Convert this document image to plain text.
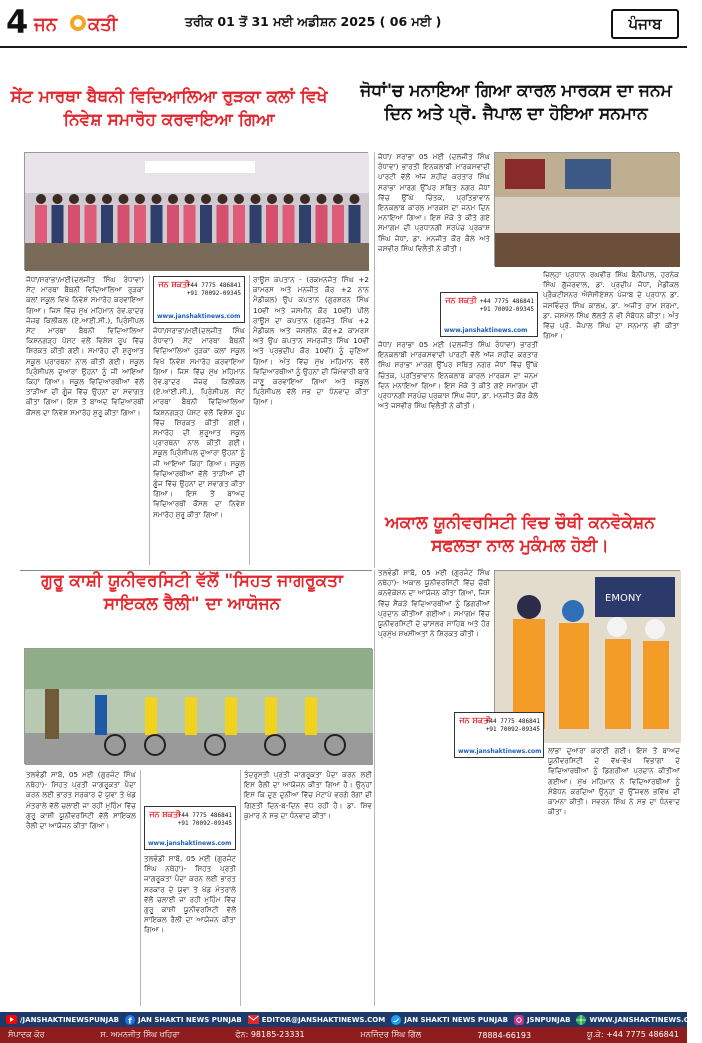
4 ਜਨ ਕਤੀ	ਤਰੀਕ 01 ਤੋਂ 31 ਮਈ ਅਡੀਸ਼ਨ 2025 ( 06 ਮਈ )	ਪੰਜਾਬ
ਸੇਂਟ ਮਾਰਥਾ ਬੈਥਨੀ ਵਿਦਿਆਲਿਆ ਰੁੜਕਾ ਕਲਾਂ ਵਿਖੇ ਨਿਵੇਸ਼ ਸਮਾਰੋਹ ਕਰਵਾਇਆ ਗਿਆ
ਜੋਧਾਂ/ਸਰਾਭਾ/ਮਈ(ਦਲਜੀਤ ਸਿੰਘ ਰੰਧਾਵਾ) ਸੇਂਟ ਮਾਰਥਾ ਬੈਥਨੀ ਵਿਦਿਆਲਿਆ ਰੁੜਕਾ ਕਲਾਂ ਸਕੂਲ ਵਿਖੇ ਨਿਵੇਸ਼ ਸਮਾਰੋਹ ਕਰਵਾਇਆ ਗਿਆ। ਜਿਸ ਵਿੱਚ ਮੁੱਖ ਮਹਿਮਾਨ ਰੇਵ.ਫਾਦਰ ਜੋਜ਼ਫ ਕਿਲੀਕਲ (ਏ.ਆਈ.ਸੀ.), ਪ੍ਰਿੰਸੀਪਲ ਸੇਂਟ ਮਾਰਥਾ ਬੈਥਨੀ ਵਿਦਿਆਲਿਆ ਕਿਸ਼ਨਗੜ੍ਹ ਪੋਸਟ ਵਲੋਂ ਵਿਸ਼ੇਸ਼ ਰੂਪ ਵਿੱਚ ਸ਼ਿਰਕਤ ਕੀਤੀ ਗਈ। ਸਮਾਰੋਹ ਦੀ ਸ਼ੁਰੂਆਤ ਸਕੂਲ ਪ੍ਰਾਰਥਨਾ ਨਾਲ ਕੀਤੀ ਗਈ। ਸਕੂਲ ਪ੍ਰਿੰਸੀਪਲ ਦੁਆਰਾ ਉਹਨਾਂ ਨੂੰ ਜੀ ਆਇਆਂ ਕਿਹਾ ਗਿਆ। ਸਕੂਲ ਵਿਦਿਆਰਥੀਆਂ ਵੱਲੋਂ ਤਾੜੀਆਂ ਦੀ ਗੂੰਜ ਵਿੱਚ ਉਹਨਾਂ ਦਾ ਸਵਾਗਤ ਕੀਤਾ ਗਿਆ। ਇਸ ਤੋਂ ਬਾਅਦ ਵਿਦਿਆਰਥੀ ਕੌਂਸਲ ਦਾ ਨਿਵੇਸ਼ ਸਮਾਰੋਹ ਸ਼ੁਰੂ ਕੀਤਾ ਗਿਆ।
ਜਨ ਸ਼ਕਤੀ
+44 7775 486841
+91 70092-09345
www.janshaktinews.com
ਜੋਧਾਂ/ਸਰਾਭਾ/ਮਈ(ਦਲਜੀਤ ਸਿੰਘ ਰੰਧਾਵਾ) ਸੇਂਟ ਮਾਰਥਾ ਬੈਥਨੀ ਵਿਦਿਆਲਿਆ ਰੁੜਕਾ ਕਲਾਂ ਸਕੂਲ ਵਿਖੇ ਨਿਵੇਸ਼ ਸਮਾਰੋਹ ਕਰਵਾਇਆ ਗਿਆ। ਜਿਸ ਵਿੱਚ ਮੁੱਖ ਮਹਿਮਾਨ ਰੇਵ.ਫਾਦਰ ਜੋਜ਼ਫ ਕਿਲੀਕਲ (ਏ.ਆਈ.ਸੀ.), ਪ੍ਰਿੰਸੀਪਲ ਸੇਂਟ ਮਾਰਥਾ ਬੈਥਨੀ ਵਿਦਿਆਲਿਆ ਕਿਸ਼ਨਗੜ੍ਹ ਪੋਸਟ ਵਲੋਂ ਵਿਸ਼ੇਸ਼ ਰੂਪ ਵਿੱਚ ਸ਼ਿਰਕਤ ਕੀਤੀ ਗਈ। ਸਮਾਰੋਹ ਦੀ ਸ਼ੁਰੂਆਤ ਸਕੂਲ ਪ੍ਰਾਰਥਨਾ ਨਾਲ ਕੀਤੀ ਗਈ। ਸਕੂਲ ਪ੍ਰਿੰਸੀਪਲ ਦੁਆਰਾ ਉਹਨਾਂ ਨੂੰ ਜੀ ਆਇਆਂ ਕਿਹਾ ਗਿਆ। ਸਕੂਲ ਵਿਦਿਆਰਥੀਆਂ ਵੱਲੋਂ ਤਾੜੀਆਂ ਦੀ ਗੂੰਜ ਵਿੱਚ ਉਹਨਾਂ ਦਾ ਸਵਾਗਤ ਕੀਤਾ ਗਿਆ। ਇਸ ਤੋਂ ਬਾਅਦ ਵਿਦਿਆਰਥੀ ਕੌਂਸਲ ਦਾ ਨਿਵੇਸ਼ ਸਮਾਰੋਹ ਸ਼ੁਰੂ ਕੀਤਾ ਗਿਆ।
ਰਾਊਸ ਕਪਤਾਨ - (ਰਕਮਨਜੋਤ ਸਿੰਘ +2 ਕਾਮਰਸ ਅਤੇ ਮਨਜੀਤ ਕੌਰ +2 ਨਾਨ ਮੈਡੀਕਲ) ਉਪ ਕਪਤਾਨ (ਗੁਰਸ਼ਰਨ ਸਿੰਘ 10ਵੀਂ ਅਤੇ ਜਸਮੀਨ ਕੌਰ 10ਵੀਂ) ਪੀਲੇ ਰਾਊਸ ਦਾ ਕਪਤਾਨ (ਗੁਰਜੋਤ ਸਿੰਘ +2 ਮੈਡੀਕਲ ਅਤੇ ਜਸਲੀਨ ਕੌਰ+2 ਕਾਮਰਸ ਅਤੇ ਉਪ ਕਪਤਾਨ ਸਮਰਜੀਤ ਸਿੰਘ 10ਵੀਂ ਅਤੇ ਪ੍ਰਭਦੀਪ ਕੌਰ 10ਵੀਂ) ਨੂੰ ਚੁਣਿਆ ਗਿਆ। ਅੰਤ ਵਿੱਚ ਮੁੱਖ ਮਹਿਮਾਨ ਵੱਲੋਂ ਵਿਦਿਆਰਥੀਆਂ ਨੂੰ ਉਹਨਾਂ ਦੀ ਜ਼ਿੰਮੇਵਾਰੀ ਬਾਰੇ ਜਾਣੂ ਕਰਵਾਇਆ ਗਿਆ ਅਤੇ ਸਕੂਲ ਪ੍ਰਿੰਸੀਪਲ ਵੱਲੋਂ ਸਭ ਦਾ ਧੰਨਵਾਦ ਕੀਤਾ ਗਿਆ।
ਜੋਧਾਂ'ਚ ਮਨਾਇਆ ਗਿਆ ਕਾਰਲ ਮਾਰਕਸ ਦਾ ਜਨਮ ਦਿਨ ਅਤੇ ਪ੍ਰੋ. ਜੈਪਾਲ ਦਾ ਹੋਇਆ ਸਨਮਾਨ
ਜੋਧਾਂ/ ਸਰਾਭਾ 05 ਮਈ (ਦਲਜੀਤ ਸਿੰਘ ਰੰਧਾਵਾ) ਭਾਰਤੀ ਇਨਕਲਾਬੀ ਮਾਰਕਸਵਾਦੀ ਪਾਰਟੀ ਵੱਲੋਂ ਅੱਜ ਸ਼ਹੀਦ ਕਰਤਾਰ ਸਿੰਘ ਸਰਾਭਾ ਮਾਰਗ ਉੱਪਰ ਸਥਿਤ ਨਗਰ ਜੋਧਾਂ ਵਿੱਚ ਉੱਘੇ ਚਿੰਤਕ, ਪ੍ਰਤਿਭਾਵਾਨ ਇਨਕਲਾਬ ਕਾਰਲ ਮਾਰਕਸ ਦਾ ਜਨਮ ਦਿਨ ਮਨਾਇਆ ਗਿਆ। ਇਸ ਮੌਕੇ ਤੇ ਕੀਤੇ ਗਏ ਸਮਾਗਮ ਦੀ ਪ੍ਰਧਾਨਗੀ ਸਰਪੰਚ ਪ੍ਰਕਾਸ਼ ਸਿੰਘ ਜੋਧਾਂ, ਡਾ. ਮਨਜੀਤ ਕੌਰ ਕੈਲੇ ਅਤੇ ਜਸਵੀਰ ਸਿੰਘ ਵਿਲੈਤੀ ਨੇ ਕੀਤੀ।
ਜਨ ਸ਼ਕਤੀ +44 7775 486841
+91 70092-09345
www.janshaktinews.com
ਜ਼ਿਲ੍ਹਾ ਪ੍ਰਧਾਨ ਰਘਵੀਰ ਸਿੰਘ ਬੈਨੀਪਾਲ, ਹਰਨੇਕ ਸਿੰਘ ਗੁੱਜਰਵਾਲ, ਡਾ. ਪ੍ਰਦੀਪ ਜੋਧਾਂ, ਮੈਡੀਕਲ ਪ੍ਰੈਕਟੀਸ਼ਨਰ ਐਸੋਸੀਏਸ਼ਨ ਪੰਜਾਬ ਦੇ ਪ੍ਰਧਾਨ ਡਾ. ਜਸਵਿੰਦਰ ਸਿੰਘ ਕਾਲਖ, ਡਾ. ਅਜੀਤ ਰਾਮ ਸ਼ਰਮਾ, ਡਾ. ਜਸਮੇਲ ਸਿੰਘ ਲੱਲਤੋਂ ਨੇ ਵੀ ਸੰਬੋਧਨ ਕੀਤਾ। ਅੰਤ ਵਿੱਚ ਪ੍ਰੋ. ਜੈਪਾਲ ਸਿੰਘ ਦਾ ਸਨਮਾਨ ਵੀ ਕੀਤਾ ਗਿਆ।
ਜੋਧਾਂ/ ਸਰਾਭਾ 05 ਮਈ (ਦਲਜੀਤ ਸਿੰਘ ਰੰਧਾਵਾ) ਭਾਰਤੀ ਇਨਕਲਾਬੀ ਮਾਰਕਸਵਾਦੀ ਪਾਰਟੀ ਵੱਲੋਂ ਅੱਜ ਸ਼ਹੀਦ ਕਰਤਾਰ ਸਿੰਘ ਸਰਾਭਾ ਮਾਰਗ ਉੱਪਰ ਸਥਿਤ ਨਗਰ ਜੋਧਾਂ ਵਿੱਚ ਉੱਘੇ ਚਿੰਤਕ, ਪ੍ਰਤਿਭਾਵਾਨ ਇਨਕਲਾਬ ਕਾਰਲ ਮਾਰਕਸ ਦਾ ਜਨਮ ਦਿਨ ਮਨਾਇਆ ਗਿਆ। ਇਸ ਮੌਕੇ ਤੇ ਕੀਤੇ ਗਏ ਸਮਾਗਮ ਦੀ ਪ੍ਰਧਾਨਗੀ ਸਰਪੰਚ ਪ੍ਰਕਾਸ਼ ਸਿੰਘ ਜੋਧਾਂ, ਡਾ. ਮਨਜੀਤ ਕੌਰ ਕੈਲੇ ਅਤੇ ਜਸਵੀਰ ਸਿੰਘ ਵਿਲੈਤੀ ਨੇ ਕੀਤੀ।
ਅਕਾਲ ਯੂਨੀਵਰਸਿਟੀ ਵਿਚ ਚੌਥੀ ਕਨਵੋਕੇਸ਼ਨ ਸਫਲਤਾ ਨਾਲ ਮੁਕੰਮਲ ਹੋਈ।
ਤਲਵੰਡੀ ਸਾਬੋ, 05 ਮਈ (ਗੁਰਜੰਟ ਸਿੰਘ ਨਥੇਹਾ)- ਅਕਾਲ ਯੂਨੀਵਰਸਿਟੀ ਵਿੱਚ ਚੌਥੀ ਕਨਵੋਕੇਸ਼ਨ ਦਾ ਆਯੋਜਨ ਕੀਤਾ ਗਿਆ, ਜਿਸ ਵਿੱਚ ਸੈਂਕੜੇ ਵਿਦਿਆਰਥੀਆਂ ਨੂੰ ਡਿਗਰੀਆਂ ਪ੍ਰਦਾਨ ਕੀਤੀਆਂ ਗਈਆਂ। ਸਮਾਗਮ ਵਿੱਚ ਯੂਨੀਵਰਸਿਟੀ ਦੇ ਚਾਂਸਲਰ ਸਾਹਿਬ ਅਤੇ ਹੋਰ ਪ੍ਰਮੁੱਖ ਸ਼ਖਸੀਅਤਾਂ ਨੇ ਸ਼ਿਰਕਤ ਕੀਤੀ।
EMONY
ਜਨ ਸ਼ਕਤੀ
+44 7775 486841
+91 70092-09345
www.janshaktinews.com ਲਾਂਭਾ ਦੁਆਰਾ ਕਰਾਈ ਗਈ। ਇਸ ਤੋਂ ਬਾਅਦ ਯੂਨੀਵਰਸਿਟੀ ਦੇ ਵੱਖ-ਵੱਖ ਵਿਭਾਗਾਂ ਦੇ ਵਿਦਿਆਰਥੀਆਂ ਨੂੰ ਡਿਗਰੀਆਂ ਪ੍ਰਦਾਨ ਕੀਤੀਆਂ ਗਈਆਂ। ਮੁੱਖ ਮਹਿਮਾਨ ਨੇ ਵਿਦਿਆਰਥੀਆਂ ਨੂੰ ਸੰਬੋਧਨ ਕਰਦਿਆਂ ਉਨ੍ਹਾਂ ਦੇ ਉੱਜਵਲ ਭਵਿੱਖ ਦੀ ਕਾਮਨਾ ਕੀਤੀ। ਸਵਰਨ ਸਿੰਘ ਨੇ ਸਭ ਦਾ ਧੰਨਵਾਦ ਕੀਤਾ।
ਗੁਰੂ ਕਾਸ਼ੀ ਯੂਨੀਵਰਸਿਟੀ ਵੱਲੋਂ "ਸਿਹਤ ਜਾਗਰੂਕਤਾ ਸਾਇਕਲ ਰੈਲੀ" ਦਾ ਆਯੋਜਨ
ਤਲਵੰਡੀ ਸਾਬੋ, 05 ਮਈ (ਗੁਰਜੰਟ ਸਿੰਘ ਨਥੇਹਾ)- ਸਿਹਤ ਪ੍ਰਤੀ ਜਾਗਰੂਕਤਾ ਪੈਦਾ ਕਰਨ ਲਈ ਭਾਰਤ ਸਰਕਾਰ ਦੇ ਯੁਵਾ ਤੇ ਖੇਡ ਮੰਤਰਾਲੇ ਵੱਲੋਂ ਚਲਾਈ ਜਾ ਰਹੀ ਮੁਹਿੰਮ ਵਿੱਚ ਗੁਰੂ ਕਾਸ਼ੀ ਯੂਨੀਵਰਸਿਟੀ ਵੱਲੋਂ ਸਾਇਕਲ ਰੈਲੀ ਦਾ ਆਯੋਜਨ ਕੀਤਾ ਗਿਆ।
ਜਨ ਸ਼ਕਤੀ
+44 7775 486841
+91 70092-09345
www.janshaktinews.com
ਤਲਵੰਡੀ ਸਾਬੋ, 05 ਮਈ (ਗੁਰਜੰਟ ਸਿੰਘ ਨਥੇਹਾ)- ਸਿਹਤ ਪ੍ਰਤੀ ਜਾਗਰੂਕਤਾ ਪੈਦਾ ਕਰਨ ਲਈ ਭਾਰਤ ਸਰਕਾਰ ਦੇ ਯੁਵਾ ਤੇ ਖੇਡ ਮੰਤਰਾਲੇ ਵੱਲੋਂ ਚਲਾਈ ਜਾ ਰਹੀ ਮੁਹਿੰਮ ਵਿੱਚ ਗੁਰੂ ਕਾਸ਼ੀ ਯੂਨੀਵਰਸਿਟੀ ਵੱਲੋਂ ਸਾਇਕਲ ਰੈਲੀ ਦਾ ਆਯੋਜਨ ਕੀਤਾ ਗਿਆ।
ਤੰਦਰੁਸਤੀ ਪ੍ਰਤੀ ਜਾਗਰੂਕਤਾ ਪੈਦਾ ਕਰਨ ਲਈ ਇਸ ਰੈਲੀ ਦਾ ਆਯੋਜਨ ਕੀਤਾ ਗਿਆ ਹੈ। ਉਨ੍ਹਾਂ ਇਸ ਕਿ ਦੁਣ ਦੁਨੀਆ ਵਿੱਚ ਮੋਟਾਪੇ ਵਰਗੇ ਰੋਗਾਂ ਦੀ ਗਿਣਤੀ ਦਿਨ-ਬ-ਦਿਨ ਵੱਧ ਰਹੀ ਹੈ। ਡਾ. ਸ਼ਿਵ ਕੁਮਾਰ ਨੇ ਸਭ ਦਾ ਧੰਨਵਾਦ ਕੀਤਾ।
/JANSHAKTINEWSPUNJAB f JAN SHAKTI NEWS PUNJAB	EDITOR@JANSHAKTINEWS.COM	JAN SHAKTI NEWS PUNJAB	JSNPUNJAB	WWW.JANSHAKTINEWS.COM
ਸੰਪਾਦਕ ਕੋਰ	ਸ. ਅਮਨਜੀਤ ਸਿੰਘ ਖਹਿਰਾ	ਫੋਨ: 98185-23331	ਮਨਜਿੰਦਰ ਸਿੰਘ ਗਿੱਲ	78884-66193	ਯੂ.ਕੇ: +44 7775 486841
